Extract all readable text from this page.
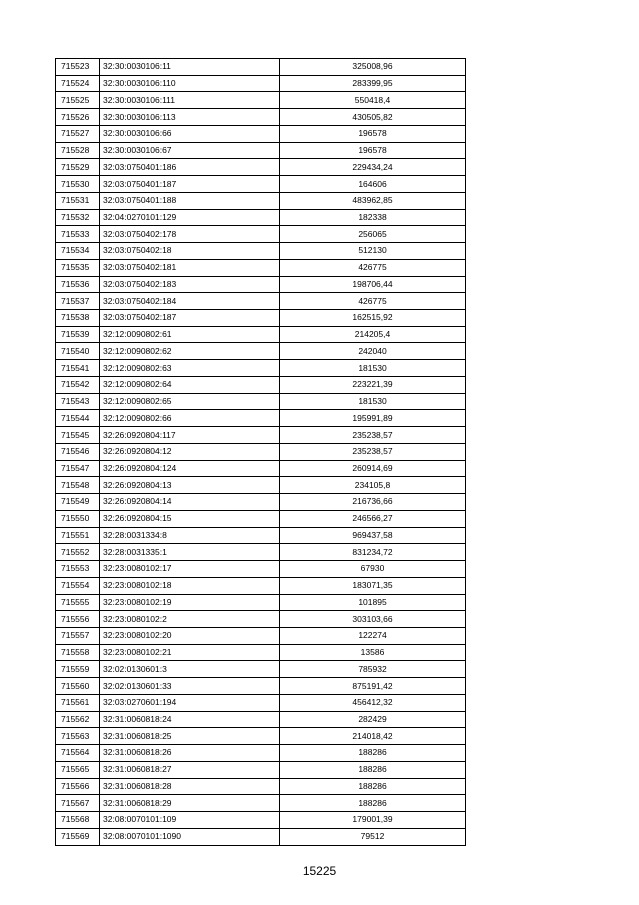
715523	32:30:0030106:11	325008,96
715524	32:30:0030106:110	283399,95
715525	32:30:0030106:111	550418,4
715526	32:30:0030106:113	430505,82
715527	32:30:0030106:66	196578
715528	32:30:0030106:67	196578
715529	32:03:0750401:186	229434,24
715530	32:03:0750401:187	164606
715531	32:03:0750401:188	483962,85
715532	32:04:0270101:129	182338
715533	32:03:0750402:178	256065
715534	32:03:0750402:18	512130
715535	32:03:0750402:181	426775
715536	32:03:0750402:183	198706,44
715537	32:03:0750402:184	426775
715538	32:03:0750402:187	162515,92
715539	32:12:0090802:61	214205,4
715540	32:12:0090802:62	242040
715541	32:12:0090802:63	181530
715542	32:12:0090802:64	223221,39
715543	32:12:0090802:65	181530
715544	32:12:0090802:66	195991,89
715545	32:26:0920804:117	235238,57
715546	32:26:0920804:12	235238,57
715547	32:26:0920804:124	260914,69
715548	32:26:0920804:13	234105,8
715549	32:26:0920804:14	216736,66
715550	32:26:0920804:15	246566,27
715551	32:28:0031334:8	969437,58
715552	32:28:0031335:1	831234,72
715553	32:23:0080102:17	67930
715554	32:23:0080102:18	183071,35
715555	32:23:0080102:19	101895
715556	32:23:0080102:2	303103,66
715557	32:23:0080102:20	122274
715558	32:23:0080102:21	13586
715559	32:02:0130601:3	785932
715560	32:02:0130601:33	875191,42
715561	32:03:0270601:194	456412,32
715562	32:31:0060818:24	282429
715563	32:31:0060818:25	214018,42
715564	32:31:0060818:26	188286
715565	32:31:0060818:27	188286
715566	32:31:0060818:28	188286
715567	32:31:0060818:29	188286
715568	32:08:0070101:109	179001,39
715569	32:08:0070101:1090	79512
15225
